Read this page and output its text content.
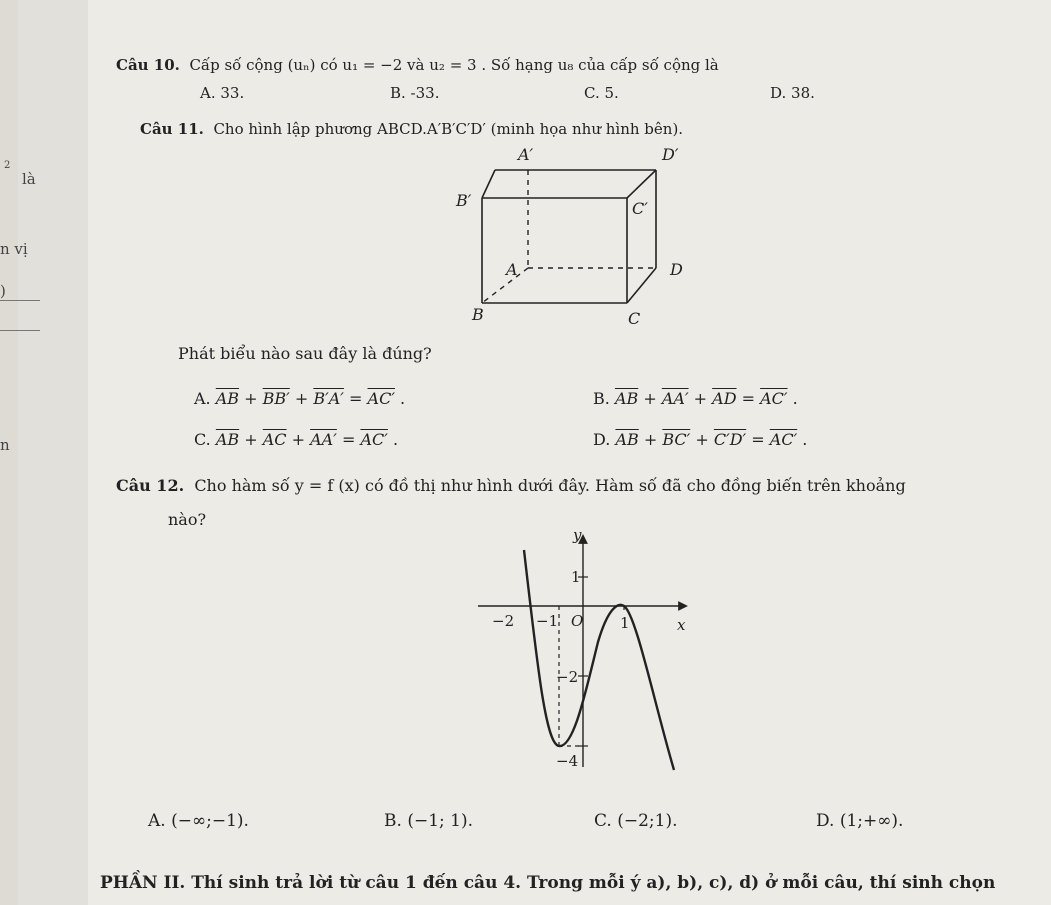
2
là
n vị
)
n
Câu 10. Cấp số cộng (uₙ) có u₁ = −2 và u₂ = 3 . Số hạng u₈ của cấp số cộng là
A. 33.	B. -33.	C. 5.	D. 38.
Câu 11. Cho hình lập phương ABCD.A′B′C′D′ (minh họa như hình bên).
A′	D′
B′	C′
A	D
B	C
Phát biểu nào sau đây là đúng?
A. $\overline{AB} + BB' + B'A' = AC'$ .	B. $\overline{AB} + AA' + \overline{AD} = AC'$ .
C. $\overline{AB} + \overline{AC} + AA' = AC'$ .	D. $\overline{AB} + BC' + C'D' = AC'$ .
Câu 12. Cho hàm số y = f (x) có đồ thị như hình dưới đây. Hàm số đã cho đồng biến trên khoảng
nào?
y
x
1
−2 −1 O 1
−2
−4
A. (−∞;−1).	B. (−1; 1).	C. (−2;1).	D. (1;+∞).
PHẦN II. Thí sinh trả lời từ câu 1 đến câu 4. Trong mỗi ý a), b), c), d) ở mỗi câu, thí sinh chọn
